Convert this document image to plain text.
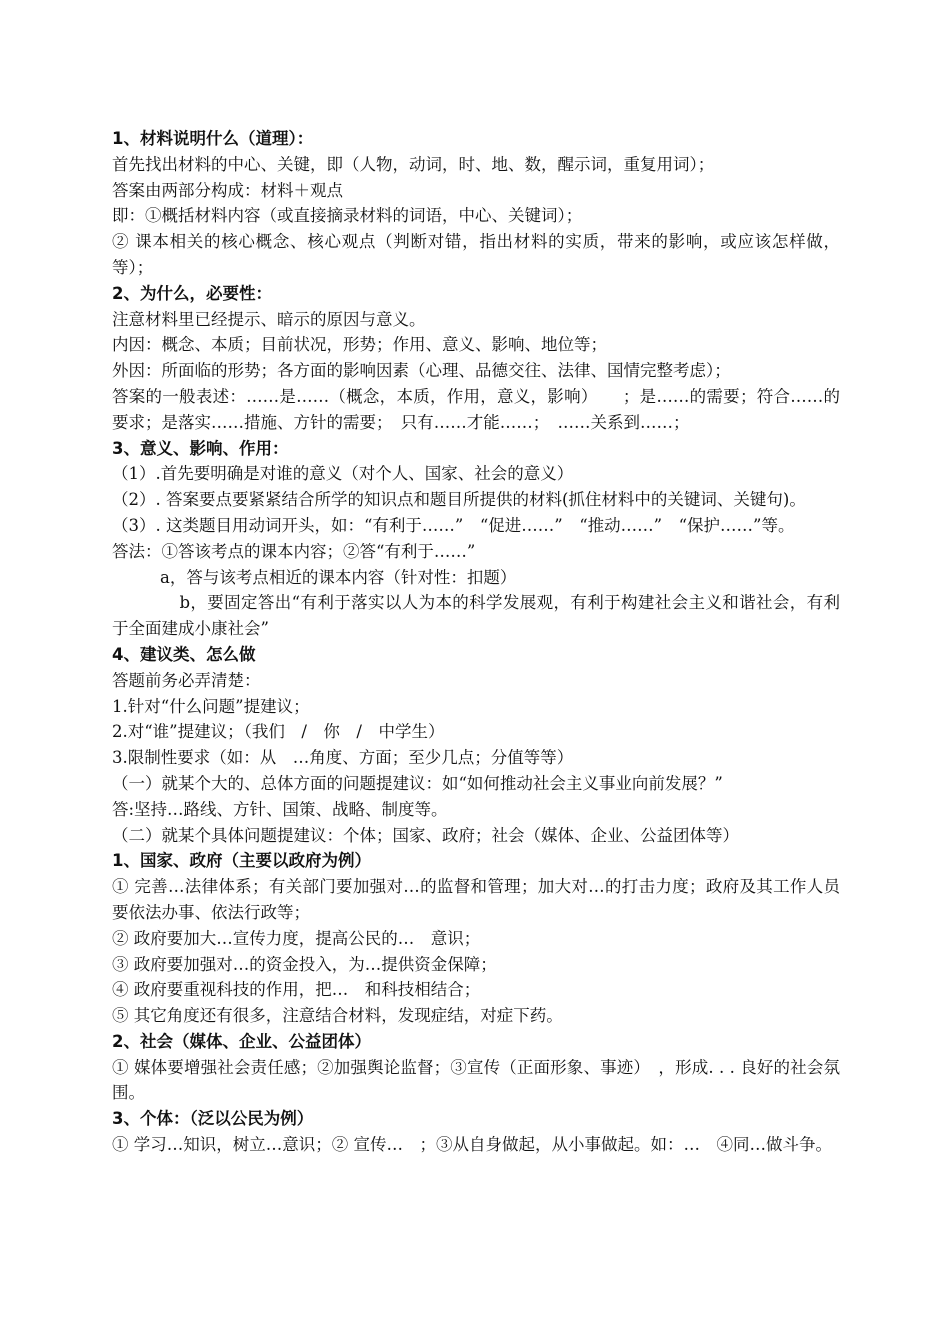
1、材料说明什么（道理）：
首先找出材料的中心、关键，即（人物，动词，时、地、数，醒示词，重复用词）；
答案由两部分构成：材料＋观点
即：①概括材料内容（或直接摘录材料的词语，中心、关键词）；
② 课本相关的核心概念、核心观点（判断对错，指出材料的实质，带来的影响，或应该怎样做，等）；
2、为什么，必要性：
注意材料里已经提示、暗示的原因与意义。
内因：概念、本质；目前状况，形势；作用、意义、影响、地位等；
外因：所面临的形势；各方面的影响因素（心理、品德交往、法律、国情完整考虑）；
答案的一般表述：……是……（概念，本质，作用，意义，影响）　　；是……的需要；符合……的要求；是落实……措施、方针的需要；　只有……才能……；　……关系到……；
3、意义、影响、作用：
（1）.首先要明确是对谁的意义（对个人、国家、社会的意义）
（2）. 答案要点要紧紧结合所学的知识点和题目所提供的材料(抓住材料中的关键词、关键句)。
（3）. 这类题目用动词开头，如：“有利于……”　“促进……”　“推动……”　“保护……”等。
答法：①答该考点的课本内容；②答“有利于……”
a，答与该考点相近的课本内容（针对性：扣题）
　　　　b，要固定答出“有利于落实以人为本的科学发展观，有利于构建社会主义和谐社会，有利于全面建成小康社会”
4、建议类、怎么做
答题前务必弄清楚：
1.针对“什么问题”提建议；
2.对“谁”提建议；（我们　/　你　/　中学生）
3.限制性要求（如：从　…角度、方面；至少几点；分值等等）
（一）就某个大的、总体方面的问题提建议：如“如何推动社会主义事业向前发展？”
答:坚持…路线、方针、国策、战略、制度等。
（二）就某个具体问题提建议：个体；国家、政府；社会（媒体、企业、公益团体等）
1、国家、政府（主要以政府为例）
① 完善…法律体系；有关部门要加强对…的监督和管理；加大对…的打击力度；政府及其工作人员要依法办事、依法行政等；
② 政府要加大…宣传力度，提高公民的…　意识；
③ 政府要加强对…的资金投入，为…提供资金保障；
④ 政府要重视科技的作用，把…　和科技相结合；
⑤ 其它角度还有很多，注意结合材料，发现症结，对症下药。
2、社会（媒体、企业、公益团体）
① 媒体要增强社会责任感；②加强舆论监督；③宣传（正面形象、事迹）　，形成. . . 良好的社会氛围。
3、个体：（泛以公民为例）
① 学习…知识，树立…意识；② 宣传…　；③从自身做起，从小事做起。如：…　④同…做斗争。
